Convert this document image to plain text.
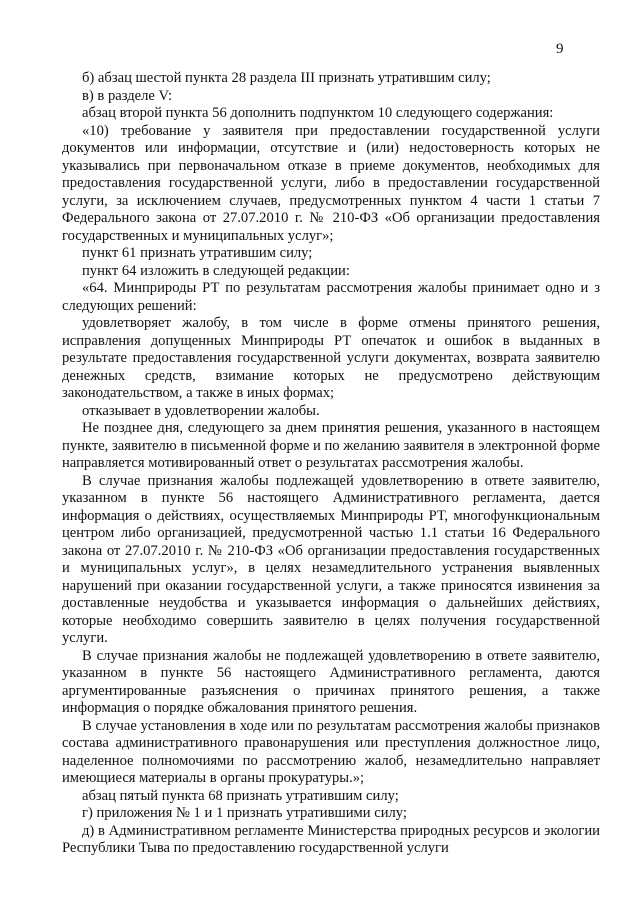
9

б) абзац шестой пункта 28 раздела III признать утратившим силу;

в) в разделе V:

абзац второй пункта 56 дополнить подпунктом 10 следующего содержания:

«10) требование у заявителя при предоставлении государственной услуги документов или информации, отсутствие и (или) недостоверность которых не указывались при первоначальном отказе в приеме документов, необходимых для предоставления государственной услуги, либо в предоставлении государственной услуги, за исключением случаев, предусмотренных пунктом 4 части 1 статьи 7 Федерального закона от 27.07.2010 г. № 210-ФЗ «Об организации предоставления государственных и муниципальных услуг»;

пункт 61 признать утратившим силу;

пункт 64 изложить в следующей редакции:

«64. Минприроды РТ по результатам рассмотрения жалобы принимает одно и з следующих решений:

удовлетворяет жалобу, в том числе в форме отмены принятого решения, исправления допущенных Минприроды РТ опечаток и ошибок в выданных в результате предоставления государственной услуги документах, возврата заявителю денежных средств, взимание которых не предусмотрено действующим законодательством, а также в иных формах;

отказывает в удовлетворении жалобы.

Не позднее дня, следующего за днем принятия решения, указанного в настоящем пункте, заявителю в письменной форме и по желанию заявителя в электронной форме направляется мотивированный ответ о результатах рассмотрения жалобы.

В случае признания жалобы подлежащей удовлетворению в ответе заявителю, указанном в пункте 56 настоящего Административного регламента, дается информация о действиях, осуществляемых Минприроды РТ, многофункциональным центром либо организацией, предусмотренной частью 1.1 статьи 16 Федерального закона от 27.07.2010 г. № 210-ФЗ «Об организации предоставления государственных и муниципальных услуг», в целях незамедлительного устранения выявленных нарушений при оказании государственной услуги, а также приносятся извинения за доставленные неудобства и указывается информация о дальнейших действиях, которые необходимо совершить заявителю в целях получения государственной услуги.

В случае признания жалобы не подлежащей удовлетворению в ответе заявителю, указанном в пункте 56 настоящего Административного регламента, даются аргументированные разъяснения о причинах принятого решения, а также информация о порядке обжалования принятого решения.

В случае установления в ходе или по результатам рассмотрения жалобы признаков состава административного правонарушения или преступления должностное лицо, наделенное полномочиями по рассмотрению жалоб, незамедлительно направляет имеющиеся материалы в органы прокуратуры.»;

абзац пятый пункта 68 признать утратившим силу;

г) приложения № 1 и 1 признать утратившими силу;

д) в Административном регламенте Министерства природных ресурсов и экологии Республики Тыва по предоставлению государственной услуги
